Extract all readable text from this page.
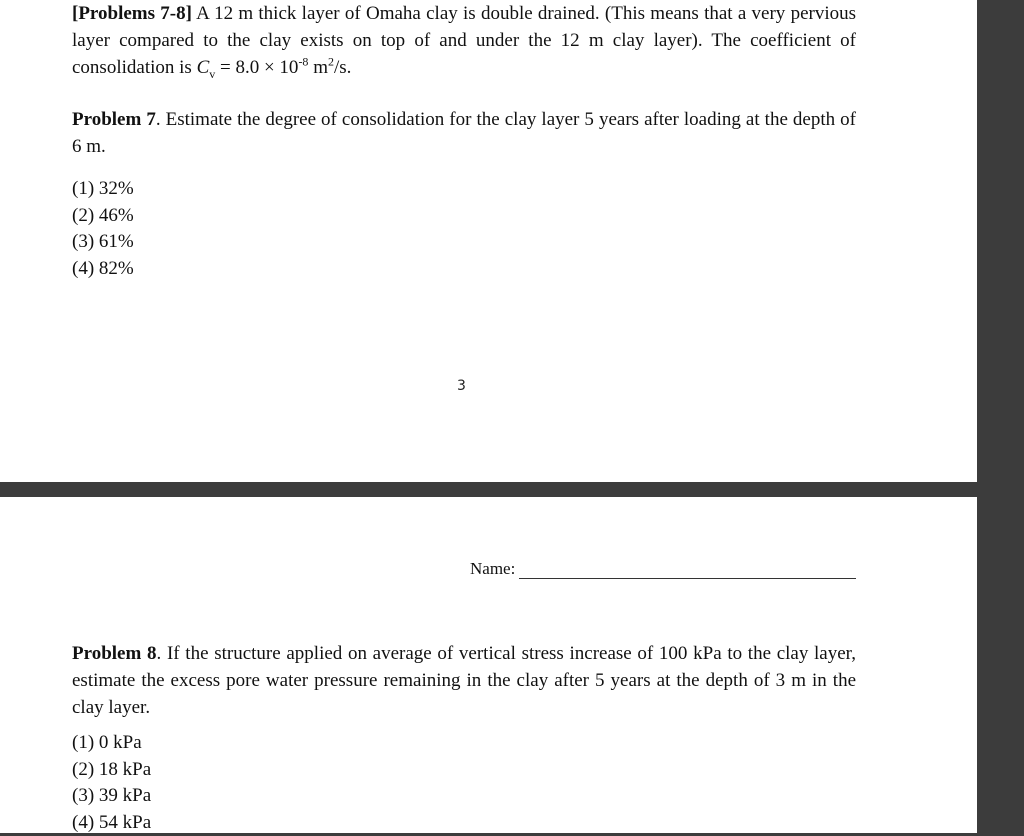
[Problems 7-8] A 12 m thick layer of Omaha clay is double drained. (This means that a very pervious layer compared to the clay exists on top of and under the 12 m clay layer). The coefficient of consolidation is $C_v = 8.0 \times 10^{-8}$ $m^2/s$.

Problem 7. Estimate the degree of consolidation for the clay layer 5 years after loading at the depth of 6 m.

(1) 32%
(2) 46%
(3) 61%
(4) 82%
3
Name:

Problem 8. If the structure applied on average of vertical stress increase of 100 kPa to the clay layer, estimate the excess pore water pressure remaining in the clay after 5 years at the depth of 3 m in the clay layer.

(1) 0 kPa
(2) 18 kPa
(3) 39 kPa
(4) 54 kPa
